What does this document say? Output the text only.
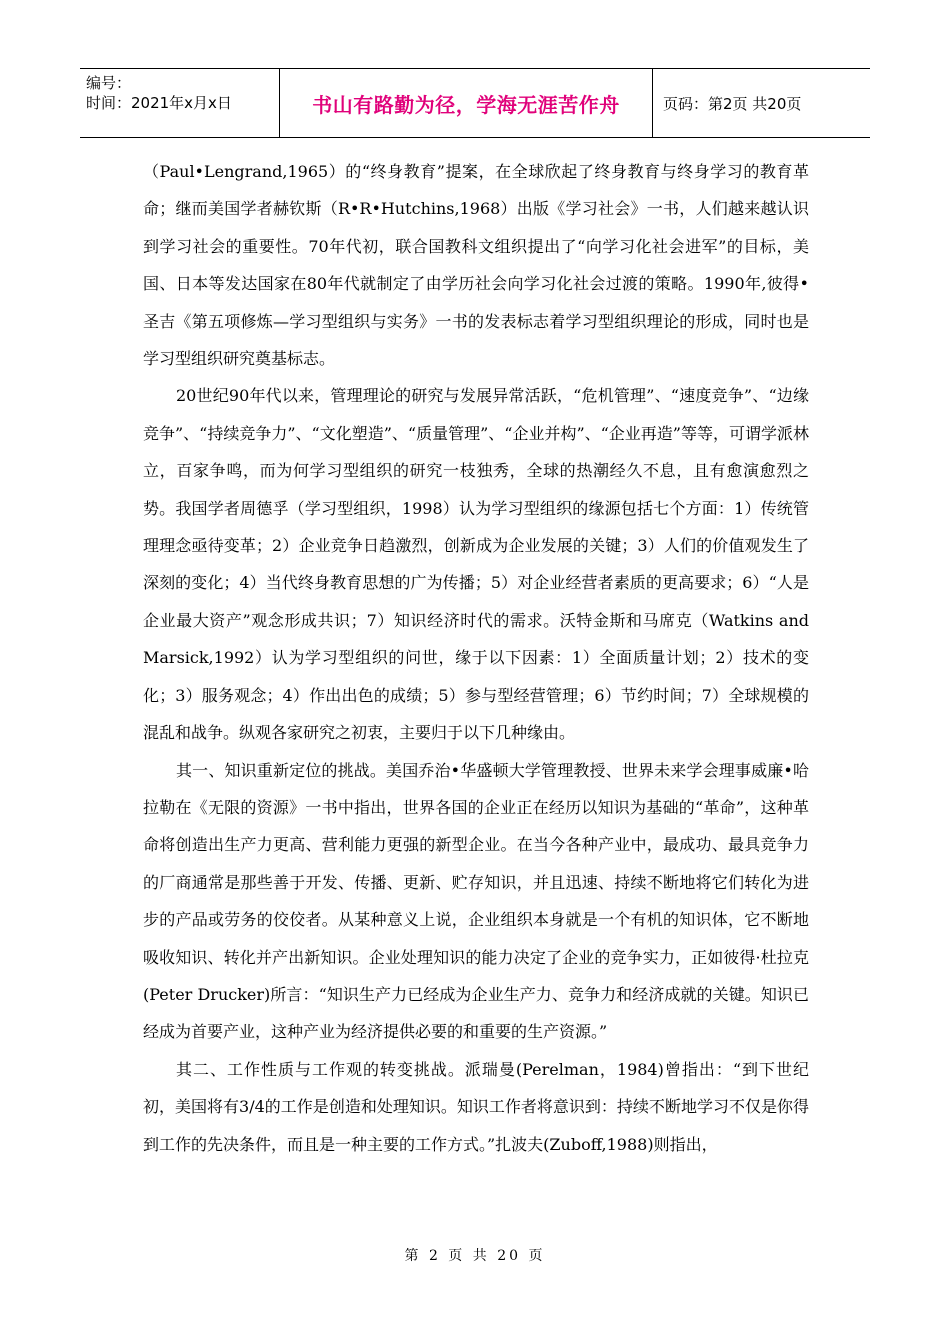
编号：
时间：2021年x月x日	书山有路勤为径，学海无涯苦作舟	页码：第2页 共20页

（Paul•Lengrand,1965）的“终身教育”提案，在全球欣起了终身教育与终身学习的教育革命；继而美国学者赫钦斯（R•R•Hutchins,1968）出版《学习社会》一书，人们越来越认识到学习社会的重要性。70年代初，联合国教科文组织提出了“向学习化社会进军”的目标，美国、日本等发达国家在80年代就制定了由学历社会向学习化社会过渡的策略。1990年,彼得•圣吉《第五项修炼—学习型组织与实务》一书的发表标志着学习型组织理论的形成，同时也是学习型组织研究奠基标志。

20世纪90年代以来，管理理论的研究与发展异常活跃，“危机管理”、“速度竞争”、“边缘竞争”、“持续竞争力”、“文化塑造”、“质量管理”、“企业并构”、“企业再造”等等，可谓学派林立，百家争鸣，而为何学习型组织的研究一枝独秀，全球的热潮经久不息，且有愈演愈烈之势。我国学者周德孚（学习型组织，1998）认为学习型组织的缘源包括七个方面：1）传统管理理念亟待变革；2）企业竞争日趋激烈，创新成为企业发展的关键；3）人们的价值观发生了深刻的变化；4）当代终身教育思想的广为传播；5）对企业经营者素质的更高要求；6）“人是企业最大资产”观念形成共识；7）知识经济时代的需求。沃特金斯和马席克（Watkins and Marsick,1992）认为学习型组织的问世，缘于以下因素：1）全面质量计划；2）技术的变化；3）服务观念；4）作出出色的成绩；5）参与型经营管理；6）节约时间；7）全球规模的混乱和战争。纵观各家研究之初衷，主要归于以下几种缘由。

其一、知识重新定位的挑战。美国乔治•华盛顿大学管理教授、世界未来学会理事威廉•哈拉勒在《无限的资源》一书中指出，世界各国的企业正在经历以知识为基础的“革命”，这种革命将创造出生产力更高、营利能力更强的新型企业。在当今各种产业中，最成功、最具竞争力的厂商通常是那些善于开发、传播、更新、贮存知识，并且迅速、持续不断地将它们转化为进步的产品或劳务的佼佼者。从某种意义上说，企业组织本身就是一个有机的知识体，它不断地吸收知识、转化并产出新知识。企业处理知识的能力决定了企业的竞争实力，正如彼得·杜拉克(Peter Drucker)所言：“知识生产力已经成为企业生产力、竞争力和经济成就的关键。知识已经成为首要产业，这种产业为经济提供必要的和重要的生产资源。”

其二、工作性质与工作观的转变挑战。派瑞曼(Perelman，1984)曾指出：“到下世纪初，美国将有3/4的工作是创造和处理知识。知识工作者将意识到：持续不断地学习不仅是你得到工作的先决条件，而且是一种主要的工作方式。”扎波夫(Zuboff,1988)则指出，

第 2 页 共 20 页
